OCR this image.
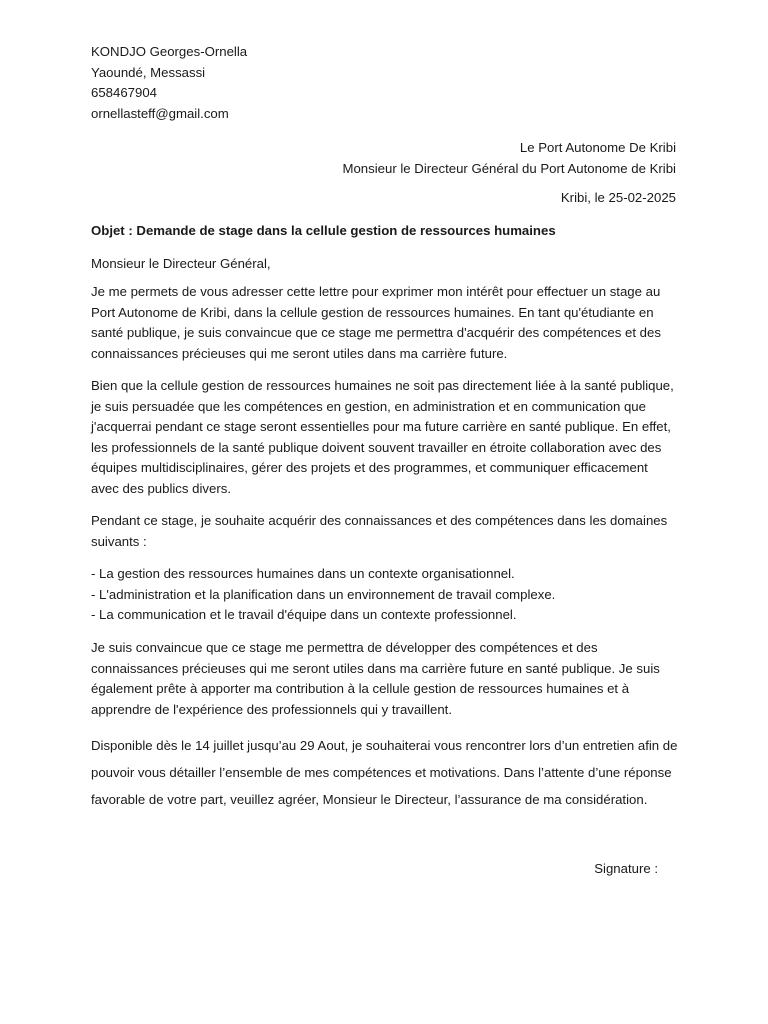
KONDJO Georges-Ornella
Yaoundé, Messassi
658467904
ornellasteff@gmail.com
Le Port Autonome De Kribi
Monsieur le Directeur Général du Port Autonome de Kribi
Kribi, le 25-02-2025
Objet : Demande de stage dans la cellule gestion de ressources humaines
Monsieur le Directeur Général,

Je me permets de vous adresser cette lettre pour exprimer mon intérêt pour effectuer un stage au Port Autonome de Kribi, dans la cellule gestion de ressources humaines. En tant qu'étudiante en santé publique, je suis convaincue que ce stage me permettra d'acquérir des compétences et des connaissances précieuses qui me seront utiles dans ma carrière future.

Bien que la cellule gestion de ressources humaines ne soit pas directement liée à la santé publique, je suis persuadée que les compétences en gestion, en administration et en communication que j'acquerrai pendant ce stage seront essentielles pour ma future carrière en santé publique. En effet, les professionnels de la santé publique doivent souvent travailler en étroite collaboration avec des équipes multidisciplinaires, gérer des projets et des programmes, et communiquer efficacement avec des publics divers.

Pendant ce stage, je souhaite acquérir des connaissances et des compétences dans les domaines suivants :

- La gestion des ressources humaines dans un contexte organisationnel.
- L'administration et la planification dans un environnement de travail complexe.
- La communication et le travail d'équipe dans un contexte professionnel.

Je suis convaincue que ce stage me permettra de développer des compétences et des connaissances précieuses qui me seront utiles dans ma carrière future en santé publique. Je suis également prête à apporter ma contribution à la cellule gestion de ressources humaines et à apprendre de l'expérience des professionnels qui y travaillent.

Disponible dès le 14 juillet jusqu’au 29 Aout, je souhaiterai vous rencontrer lors d’un entretien afin de pouvoir vous détailler l’ensemble de mes compétences et motivations. Dans l’attente d’une réponse favorable de votre part, veuillez agréer, Monsieur le Directeur, l’assurance de ma considération.

Signature :
